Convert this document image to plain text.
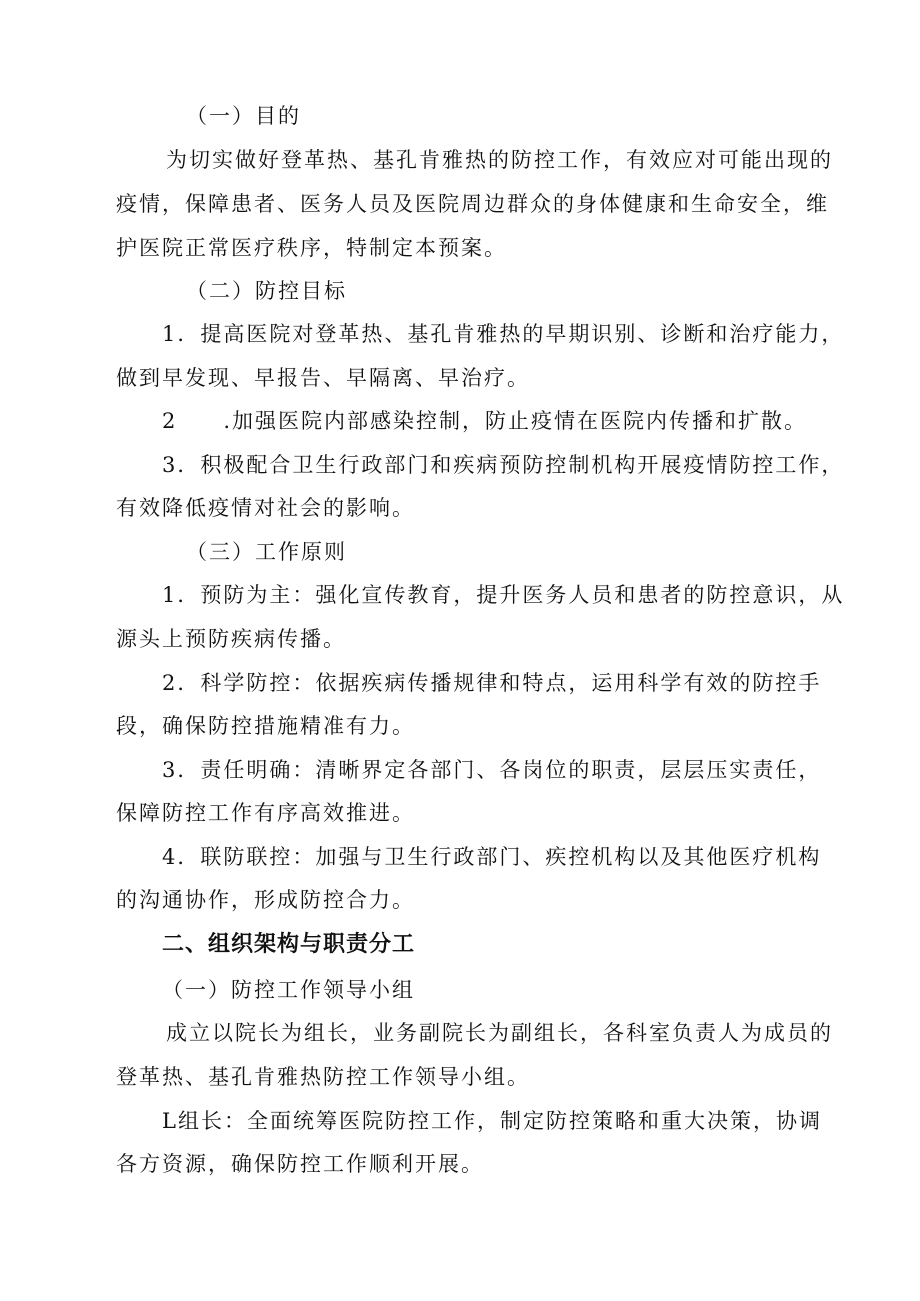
（一）目的
为切实做好登革热、基孔肯雅热的防控工作，有效应对可能出现的
疫情，保障患者、医务人员及医院周边群众的身体健康和生命安全，维
护医院正常医疗秩序，特制定本预案。
（二）防控目标
1．提高医院对登革热、基孔肯雅热的早期识别、诊断和治疗能力，
做到早发现、早报告、早隔离、早治疗。
2　　.加强医院内部感染控制，防止疫情在医院内传播和扩散。
3．积极配合卫生行政部门和疾病预防控制机构开展疫情防控工作，
有效降低疫情对社会的影响。
（三）工作原则
1．预防为主：强化宣传教育，提升医务人员和患者的防控意识，从
源头上预防疾病传播。
2．科学防控：依据疾病传播规律和特点，运用科学有效的防控手
段，确保防控措施精准有力。
3．责任明确：清晰界定各部门、各岗位的职责，层层压实责任，
保障防控工作有序高效推进。
4．联防联控：加强与卫生行政部门、疾控机构以及其他医疗机构
的沟通协作，形成防控合力。
二、组织架构与职责分工
（一）防控工作领导小组
成立以院长为组长，业务副院长为副组长，各科室负责人为成员的
登革热、基孔肯雅热防控工作领导小组。
L组长：全面统筹医院防控工作，制定防控策略和重大决策，协调
各方资源，确保防控工作顺利开展。
